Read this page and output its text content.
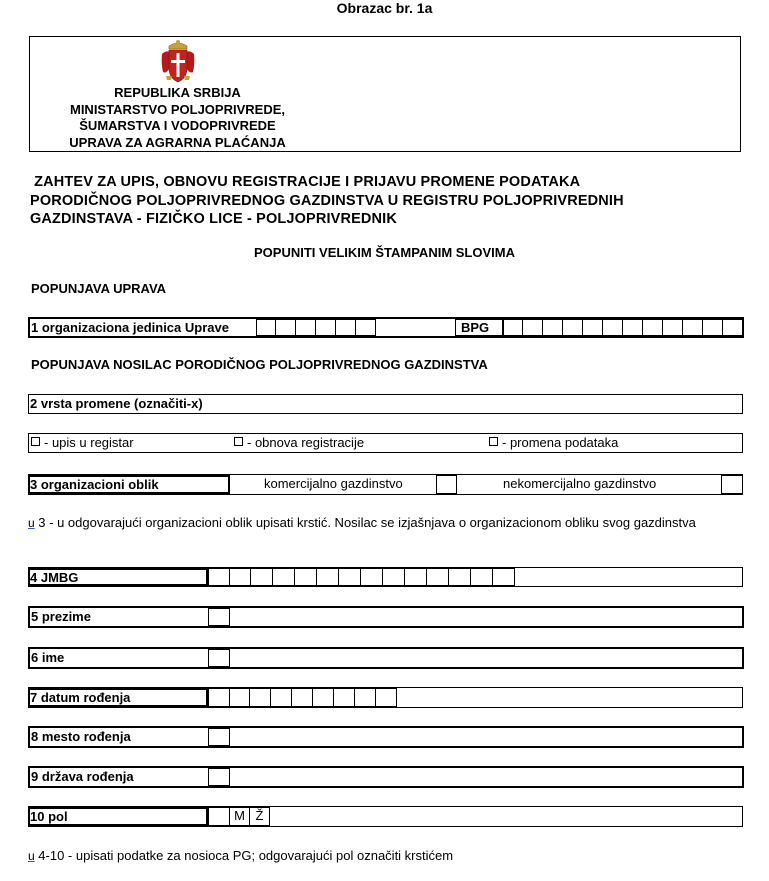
Obrazac br. 1a
REPUBLIKA SRBIJA
MINISTARSTVO POLJOPRIVREDE,
ŠUMARSTVA I VODOPRIVREDE
UPRAVA ZA AGRARNA PLAĆANJA
ZAHTEV ZA UPIS, OBNOVU REGISTRACIJE I PRIJAVU PROMENE PODATAKA
PORODIČNOG POLJOPRIVREDNOG GAZDINSTVA U REGISTRU POLJOPRIVREDNIH
GAZDINSTAVA - FIZIČKO LICE - POLJOPRIVREDNIK
POPUNITI VELIKIM ŠTAMPANIM SLOVIMA
POPUNJAVA UPRAVA
1 organizaciona jedinica Uprave	BPG
POPUNJAVA NOSILAC PORODIČNOG POLJOPRIVREDNOG GAZDINSTVA
2 vrsta promene (označiti-x)
- upis u registar	- obnova registracije	- promena podataka
3 organizacioni oblik	komercijalno gazdinstvo	nekomercijalno gazdinstvo
u 3 - u odgovarajući organizacioni oblik upisati krstić. Nosilac se izjašnjava o organizacionom obliku svog gazdinstva
4 JMBG
5 prezime
6 ime
7 datum rođenja
8 mesto rođenja
9 država rođenja
10 pol	M Ž
u 4-10 - upisati podatke za nosioca PG; odgovarajući pol označiti krstićem
